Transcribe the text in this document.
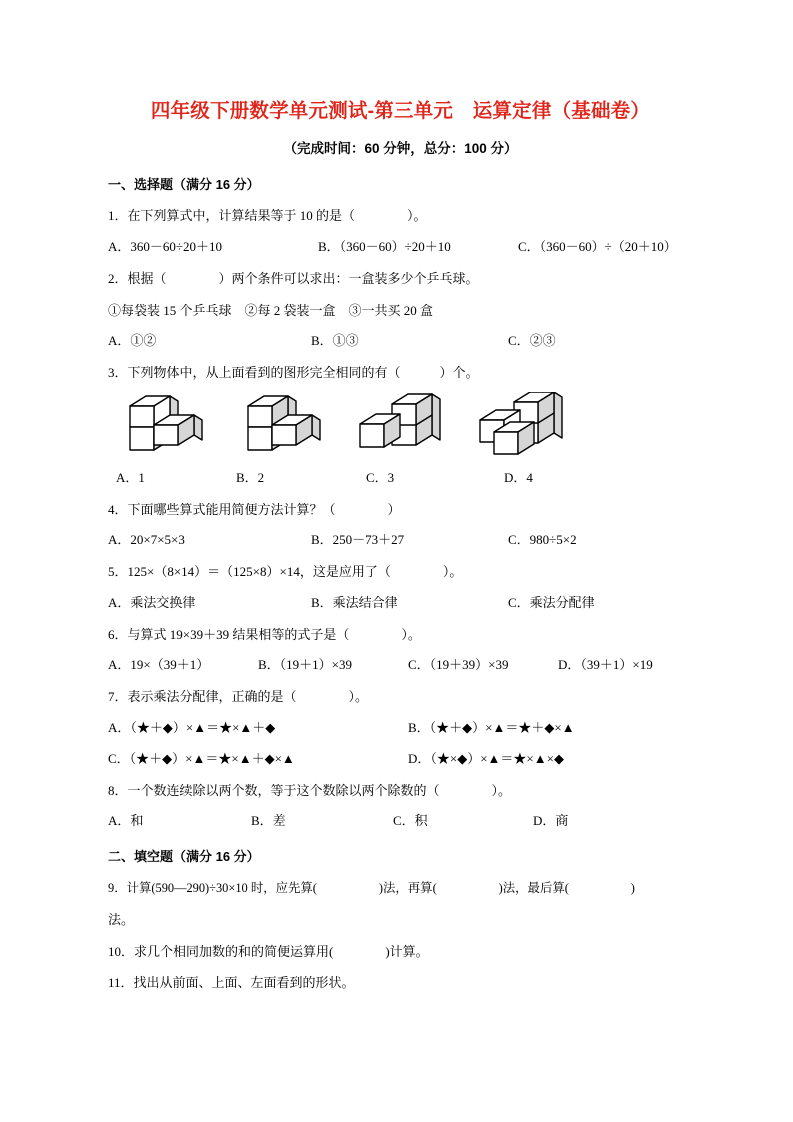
四年级下册数学单元测试-第三单元　运算定律（基础卷）
（完成时间：60 分钟，总分：100 分）
一、选择题（满分 16 分）
1．在下列算式中，计算结果等于 10 的是（　　　　）。
A．360－60÷20＋10	B．（360－60）÷20＋10	C．（360－60）÷（20＋10）
2．根据（　　　　）两个条件可以求出：一盒装多少个乒乓球。
①每袋装 15 个乒乓球　②每 2 袋装一盒　③一共买 20 盒
A．①②	B．①③	C．②③
3．下列物体中，从上面看到的图形完全相同的有（　　　）个。
A．1	B．2	C．3	D．4
4．下面哪些算式能用简便方法计算？（　　　　）
A．20×7×5×3	B．250－73＋27	C．980÷5×2
5．125×（8×14）＝（125×8）×14，这是应用了（　　　　）。
A．乘法交换律	B．乘法结合律	C．乘法分配律
6．与算式 19×39＋39 结果相等的式子是（　　　　）。
A．19×（39＋1）	B．（19＋1）×39	C．（19＋39）×39	D．（39＋1）×19
7．表示乘法分配律，正确的是（　　　　）。
A．（★＋◆）×▲＝★×▲＋◆	B．（★＋◆）×▲＝★＋◆×▲
C．（★＋◆）×▲＝★×▲＋◆×▲	D．（★×◆）×▲＝★×▲×◆
8．一个数连续除以两个数，等于这个数除以两个除数的（　　　　）。
A．和	B．差	C．积	D．商
二、填空题（满分 16 分）
9．计算(590—290)÷30×10 时，应先算(　　　　　)法，再算(　　　　　)法，最后算(　　　　　)
法。
10．求几个相同加数的和的简便运算用(　　　　)计算。
11．找出从前面、上面、左面看到的形状。
